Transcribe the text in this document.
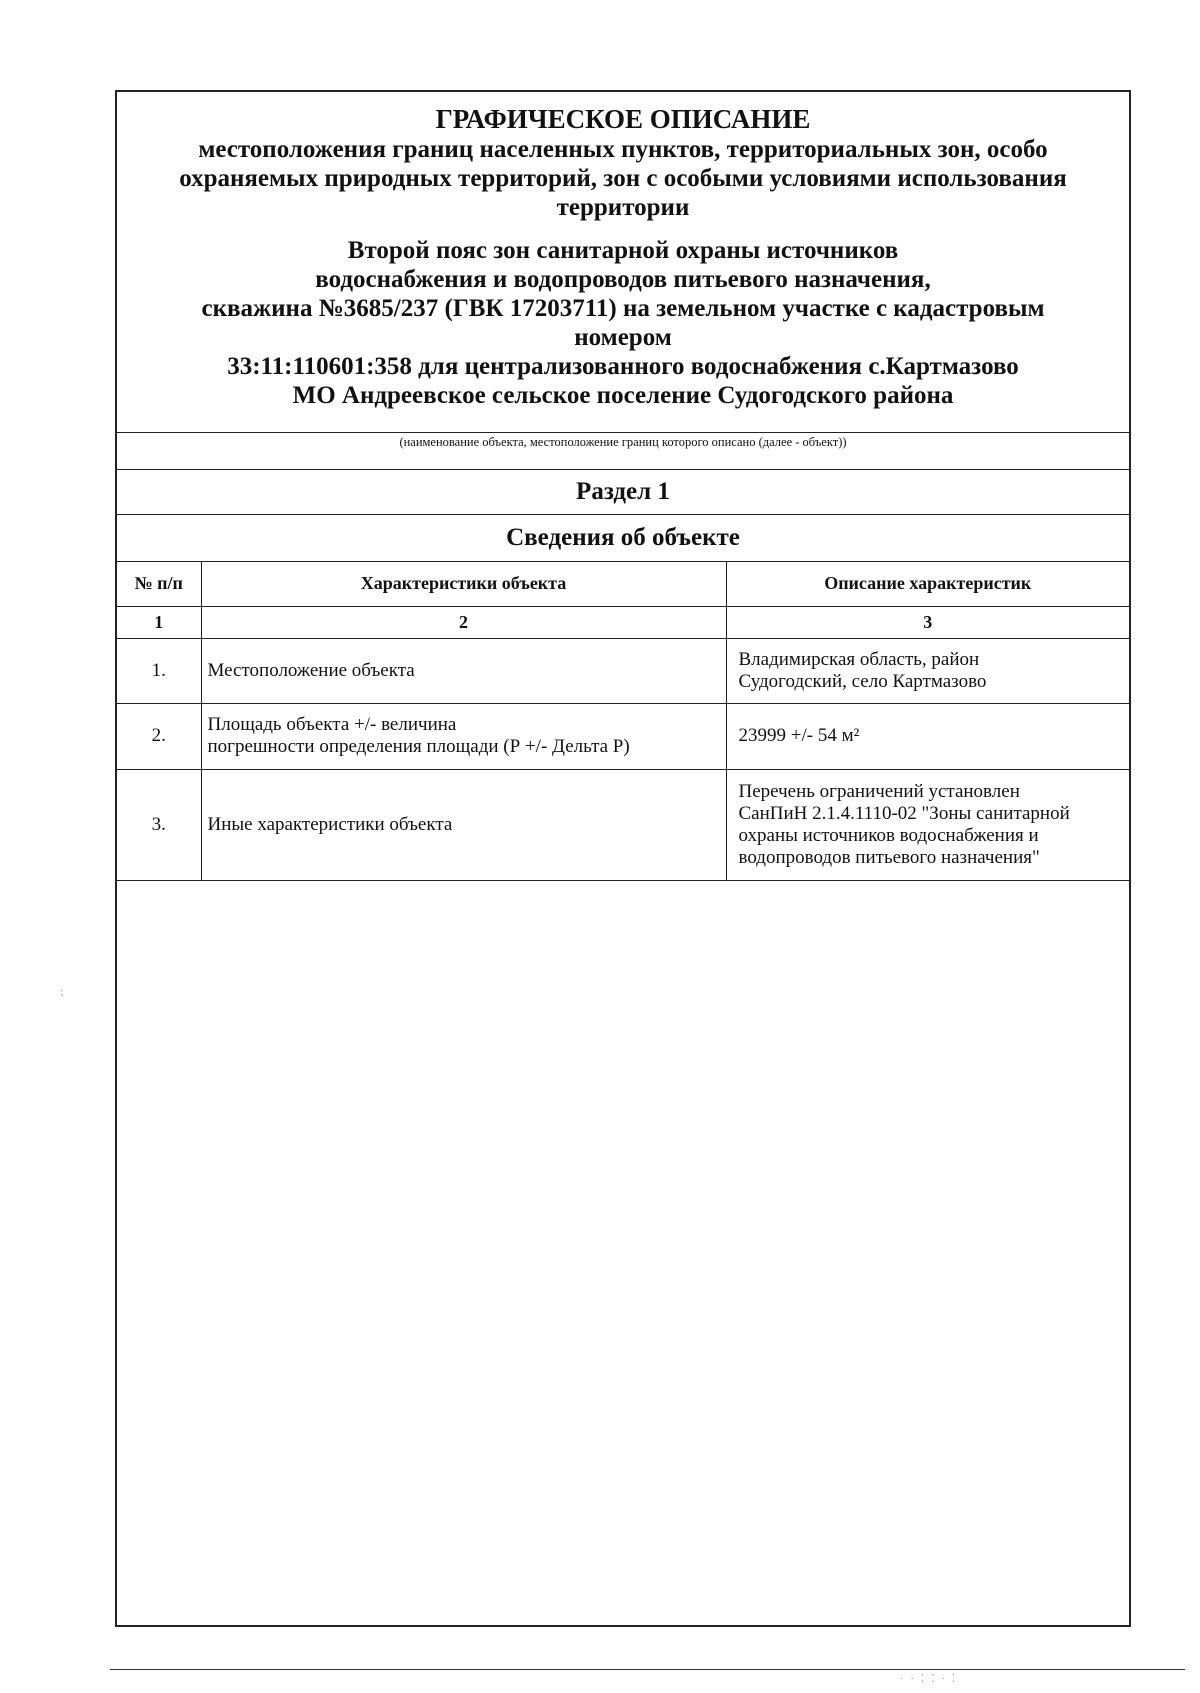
ГРАФИЧЕСКОЕ ОПИСАНИЕ
местоположения границ населенных пунктов, территориальных зон, особо
охраняемых природных территорий, зон с особыми условиями использования
территории
Второй пояс зон санитарной охраны источников
водоснабжения и водопроводов питьевого назначения,
скважина №3685/237 (ГВК 17203711) на земельном участке с кадастровым
номером
33:11:110601:358 для централизованного водоснабжения с.Картмазово
МО Андреевское сельское поселение Судогодского района
(наименование объекта, местоположение границ которого описано (далее - объект))
Раздел 1
Сведения об объекте
№ п/п	Характеристики объекта	Описание характеристик
1	2	3
1.	Местоположение объекта	Владимирская область, район
Судогодский, село Картмазово

2.	Площадь объекта +/- величина
погрешности определения площади (Р +/- Дельта Р)	23999 +/- 54 м²

3.	Иные характеристики объекта	Перечень ограничений установлен
СанПиН 2.1.4.1110-02 "Зоны санитарной
охраны источников водоснабжения и
водопроводов питьевого назначения"
· · ⁚ ⁚ · ⁚
⁏
